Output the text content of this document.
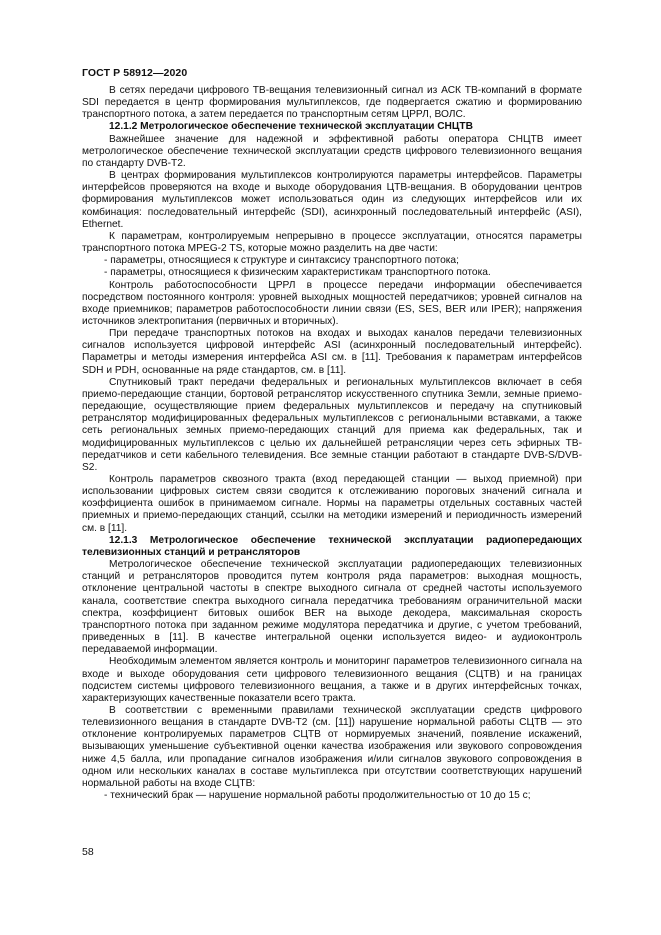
ГОСТ Р 58912—2020

В сетях передачи цифрового ТВ-вещания телевизионный сигнал из АСК ТВ-компаний в формате SDI передается в центр формирования мультиплексов, где подвергается сжатию и формированию транспортного потока, а затем передается по транспортным сетям ЦРРЛ, ВОЛС.

12.1.2 Метрологическое обеспечение технической эксплуатации СНЦТВ

Важнейшее значение для надежной и эффективной работы оператора СНЦТВ имеет метрологическое обеспечение технической эксплуатации средств цифрового телевизионного вещания по стандарту DVB-T2.

В центрах формирования мультиплексов контролируются параметры интерфейсов. Параметры интерфейсов проверяются на входе и выходе оборудования ЦТВ-вещания. В оборудовании центров формирования мультиплексов может использоваться один из следующих интерфейсов или их комбинация: последовательный интерфейс (SDI), асинхронный последовательный интерфейс (ASI), Ethernet.

К параметрам, контролируемым непрерывно в процессе эксплуатации, относятся параметры транспортного потока MPEG-2 TS, которые можно разделить на две части:

- параметры, относящиеся к структуре и синтаксису транспортного потока;

- параметры, относящиеся к физическим характеристикам транспортного потока.

Контроль работоспособности ЦРРЛ в процессе передачи информации обеспечивается посредством постоянного контроля: уровней выходных мощностей передатчиков; уровней сигналов на входе приемников; параметров работоспособности линии связи (ES, SES, BER или IPER); напряжения источников электропитания (первичных и вторичных).

При передаче транспортных потоков на входах и выходах каналов передачи телевизионных сигналов используется цифровой интерфейс ASI (асинхронный последовательный интерфейс). Параметры и методы измерения интерфейса ASI см. в [11]. Требования к параметрам интерфейсов SDH и PDH, основанные на ряде стандартов, см. в [11].

Спутниковый тракт передачи федеральных и региональных мультиплексов включает в себя приемо-передающие станции, бортовой ретранслятор искусственного спутника Земли, земные приемо-передающие, осуществляющие прием федеральных мультиплексов и передачу на спутниковый ретранслятор модифицированных федеральных мультиплексов с региональными вставками, а также сеть региональных земных приемо-передающих станций для приема как федеральных, так и модифицированных мультиплексов с целью их дальнейшей ретрансляции через сеть эфирных ТВ-передатчиков и сети кабельного телевидения. Все земные станции работают в стандарте DVB-S/DVB-S2.

Контроль параметров сквозного тракта (вход передающей станции — выход приемной) при использовании цифровых систем связи сводится к отслеживанию пороговых значений сигнала и коэффициента ошибок в принимаемом сигнале. Нормы на параметры отдельных составных частей приемных и приемо-передающих станций, ссылки на методики измерений и периодичность измерений см. в [11].

12.1.3 Метрологическое обеспечение технической эксплуатации радиопередающих телевизионных станций и ретрансляторов

Метрологическое обеспечение технической эксплуатации радиопередающих телевизионных станций и ретрансляторов проводится путем контроля ряда параметров: выходная мощность, отклонение центральной частоты в спектре выходного сигнала от средней частоты используемого канала, соответствие спектра выходного сигнала передатчика требованиям ограничительной маски спектра, коэффициент битовых ошибок BER на выходе декодера, максимальная скорость транспортного потока при заданном режиме модулятора передатчика и другие, с учетом требований, приведенных в [11]. В качестве интегральной оценки используется видео- и аудиоконтроль передаваемой информации.

Необходимым элементом является контроль и мониторинг параметров телевизионного сигнала на входе и выходе оборудования сети цифрового телевизионного вещания (СЦТВ) и на границах подсистем системы цифрового телевизионного вещания, а также и в других интерфейсных точках, характеризующих качественные показатели всего тракта.

В соответствии с временными правилами технической эксплуатации средств цифрового телевизионного вещания в стандарте DVB-T2 (см. [11]) нарушение нормальной работы СЦТВ — это отклонение контролируемых параметров СЦТВ от нормируемых значений, появление искажений, вызывающих уменьшение субъективной оценки качества изображения или звукового сопровождения ниже 4,5 балла, или пропадание сигналов изображения и/или сигналов звукового сопровождения в одном или нескольких каналах в составе мультиплекса при отсутствии соответствующих нарушений нормальной работы на входе СЦТВ:

- технический брак — нарушение нормальной работы продолжительностью от 10 до 15 с;

58
